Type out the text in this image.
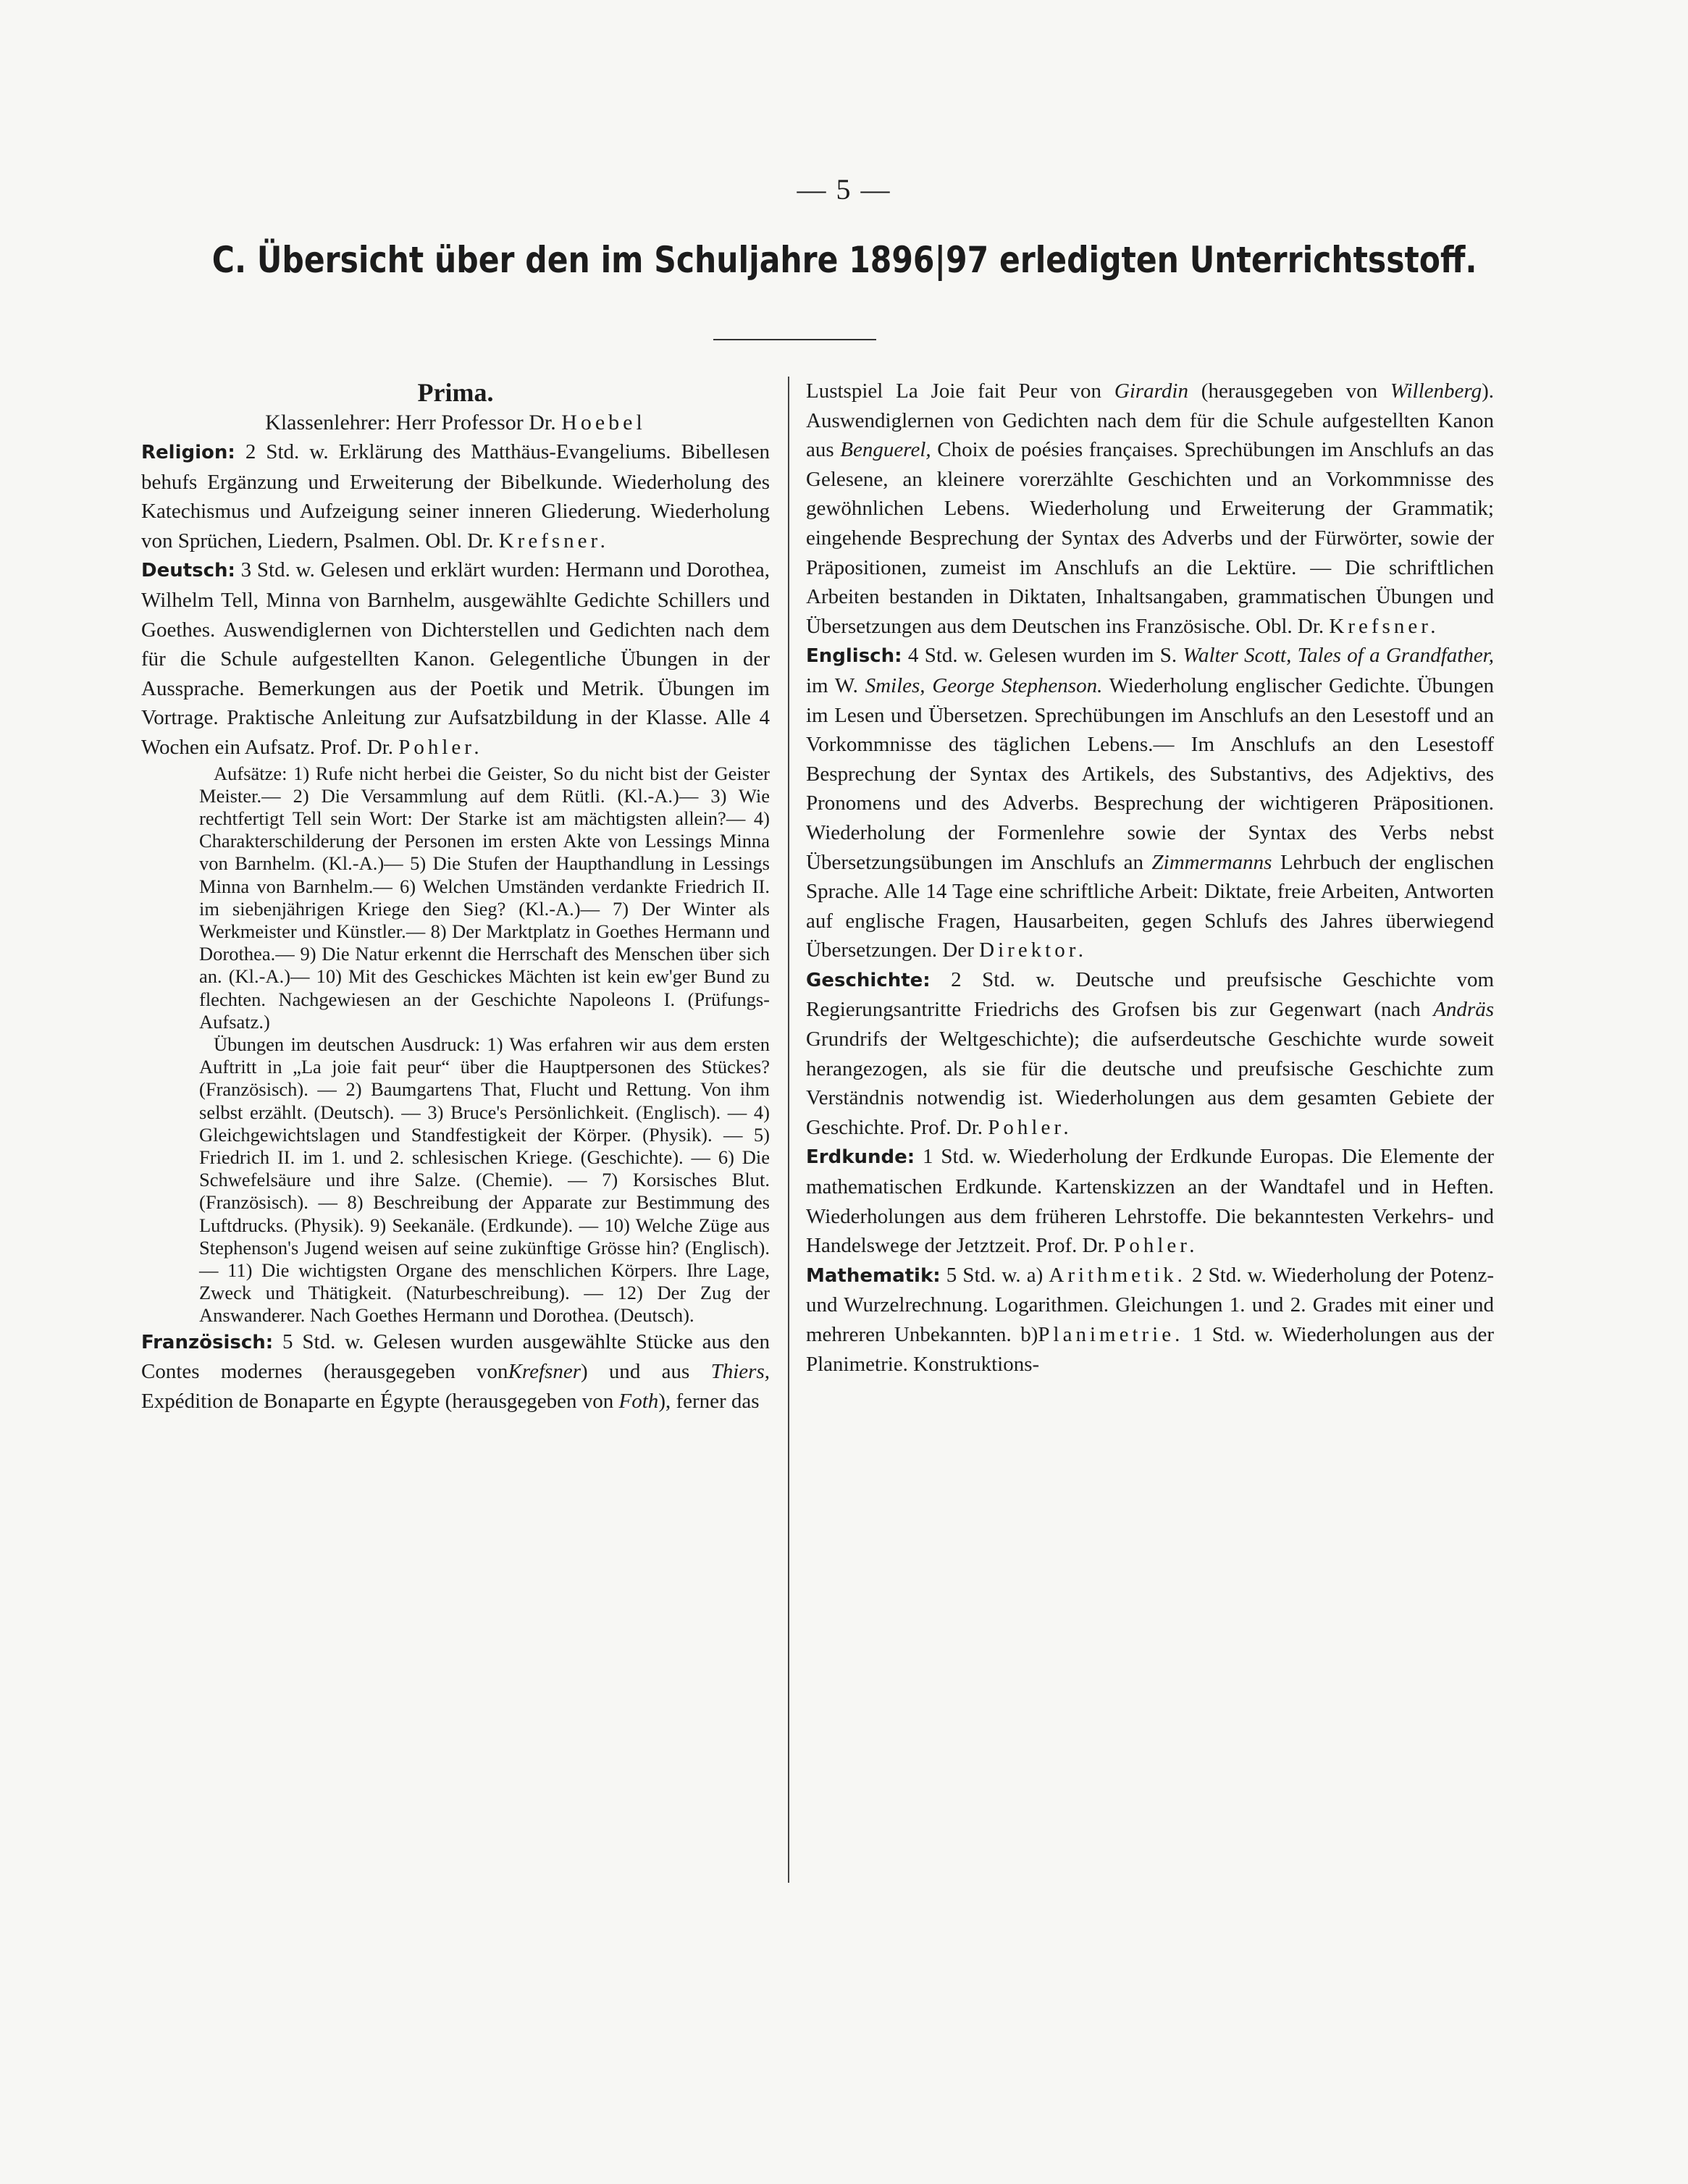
— 5 —
C. Übersicht über den im Schuljahre 1896|97 erledigten Unterrichtsstoff.

Prima.

Klassenlehrer: Herr Professor Dr. Hoebel

Religion: 2 Std. w. Erklärung des Matthäus-Evangeliums. Bibellesen behufs Ergänzung und Erweiterung der Bibelkunde. Wiederholung des Katechismus und Aufzeigung seiner inneren Gliederung. Wiederholung von Sprüchen, Liedern, Psalmen. Obl. Dr. Krefsner.

Deutsch: 3 Std. w. Gelesen und erklärt wurden: Hermann und Dorothea, Wilhelm Tell, Minna von Barnhelm, ausgewählte Gedichte Schillers und Goethes. Auswendiglernen von Dichterstellen und Gedichten nach dem für die Schule aufgestellten Kanon. Gelegentliche Übungen in der Aussprache. Bemerkungen aus der Poetik und Metrik. Übungen im Vortrage. Praktische Anleitung zur Aufsatzbildung in der Klasse. Alle 4 Wochen ein Aufsatz. Prof. Dr. Pohler.

Aufsätze: 1) Rufe nicht herbei die Geister, So du nicht bist der Geister Meister.— 2) Die Versammlung auf dem Rütli. (Kl.-A.)— 3) Wie rechtfertigt Tell sein Wort: Der Starke ist am mächtigsten allein?— 4) Charakterschilderung der Personen im ersten Akte von Lessings Minna von Barnhelm. (Kl.-A.)— 5) Die Stufen der Haupthandlung in Lessings Minna von Barnhelm.— 6) Welchen Umständen verdankte Friedrich II. im siebenjährigen Kriege den Sieg? (Kl.-A.)— 7) Der Winter als Werkmeister und Künstler.— 8) Der Marktplatz in Goethes Hermann und Dorothea.— 9) Die Natur erkennt die Herrschaft des Menschen über sich an. (Kl.-A.)— 10) Mit des Geschickes Mächten ist kein ew'ger Bund zu flechten. Nachgewiesen an der Geschichte Napoleons I. (Prüfungs-Aufsatz.)

Übungen im deutschen Ausdruck: 1) Was erfahren wir aus dem ersten Auftritt in „La joie fait peur“ über die Hauptpersonen des Stückes? (Französisch). — 2) Baumgartens That, Flucht und Rettung. Von ihm selbst erzählt. (Deutsch). — 3) Bruce's Persönlichkeit. (Englisch). — 4) Gleichgewichtslagen und Standfestigkeit der Körper. (Physik). — 5) Friedrich II. im 1. und 2. schlesischen Kriege. (Geschichte). — 6) Die Schwefelsäure und ihre Salze. (Chemie). — 7) Korsisches Blut. (Französisch). — 8) Beschreibung der Apparate zur Bestimmung des Luftdrucks. (Physik). 9) Seekanäle. (Erdkunde). — 10) Welche Züge aus Stephenson's Jugend weisen auf seine zukünftige Grösse hin? (Englisch). — 11) Die wichtigsten Organe des menschlichen Körpers. Ihre Lage, Zweck und Thätigkeit. (Naturbeschreibung). — 12) Der Zug der Answanderer. Nach Goethes Hermann und Dorothea. (Deutsch).

Französisch: 5 Std. w. Gelesen wurden ausgewählte Stücke aus den Contes modernes (herausgegeben vonKrefsner) und aus Thiers, Expédition de Bonaparte en Égypte (herausgegeben von Foth), ferner das

Lustspiel La Joie fait Peur von Girardin (herausgegeben von Willenberg). Auswendiglernen von Gedichten nach dem für die Schule aufgestellten Kanon aus Benguerel, Choix de poésies françaises. Sprechübungen im Anschlufs an das Gelesene, an kleinere vorerzählte Geschichten und an Vorkommnisse des gewöhnlichen Lebens. Wiederholung und Erweiterung der Grammatik; eingehende Besprechung der Syntax des Adverbs und der Fürwörter, sowie der Präpositionen, zumeist im Anschlufs an die Lektüre. — Die schriftlichen Arbeiten bestanden in Diktaten, Inhaltsangaben, grammatischen Übungen und Übersetzungen aus dem Deutschen ins Französische. Obl. Dr. Krefsner.

Englisch: 4 Std. w. Gelesen wurden im S. Walter Scott, Tales of a Grandfather, im W. Smiles, George Stephenson. Wiederholung englischer Gedichte. Übungen im Lesen und Übersetzen. Sprechübungen im Anschlufs an den Lesestoff und an Vorkommnisse des täglichen Lebens.— Im Anschlufs an den Lesestoff Besprechung der Syntax des Artikels, des Substantivs, des Adjektivs, des Pronomens und des Adverbs. Besprechung der wichtigeren Präpositionen. Wiederholung der Formenlehre sowie der Syntax des Verbs nebst Übersetzungsübungen im Anschlufs an Zimmermanns Lehrbuch der englischen Sprache. Alle 14 Tage eine schriftliche Arbeit: Diktate, freie Arbeiten, Antworten auf englische Fragen, Hausarbeiten, gegen Schlufs des Jahres überwiegend Übersetzungen. Der Direktor.

Geschichte: 2 Std. w. Deutsche und preufsische Geschichte vom Regierungsantritte Friedrichs des Grofsen bis zur Gegenwart (nach Andräs Grundrifs der Weltgeschichte); die aufserdeutsche Geschichte wurde soweit herangezogen, als sie für die deutsche und preufsische Geschichte zum Verständnis notwendig ist. Wiederholungen aus dem gesamten Gebiete der Geschichte. Prof. Dr. Pohler.

Erdkunde: 1 Std. w. Wiederholung der Erdkunde Europas. Die Elemente der mathematischen Erdkunde. Kartenskizzen an der Wandtafel und in Heften. Wiederholungen aus dem früheren Lehrstoffe. Die bekanntesten Verkehrs- und Handelswege der Jetztzeit. Prof. Dr. Pohler.

Mathematik: 5 Std. w. a) Arithmetik. 2 Std. w. Wiederholung der Potenz- und Wurzelrechnung. Logarithmen. Gleichungen 1. und 2. Grades mit einer und mehreren Unbekannten. b)Planimetrie. 1 Std. w. Wiederholungen aus der Planimetrie. Konstruktions-
